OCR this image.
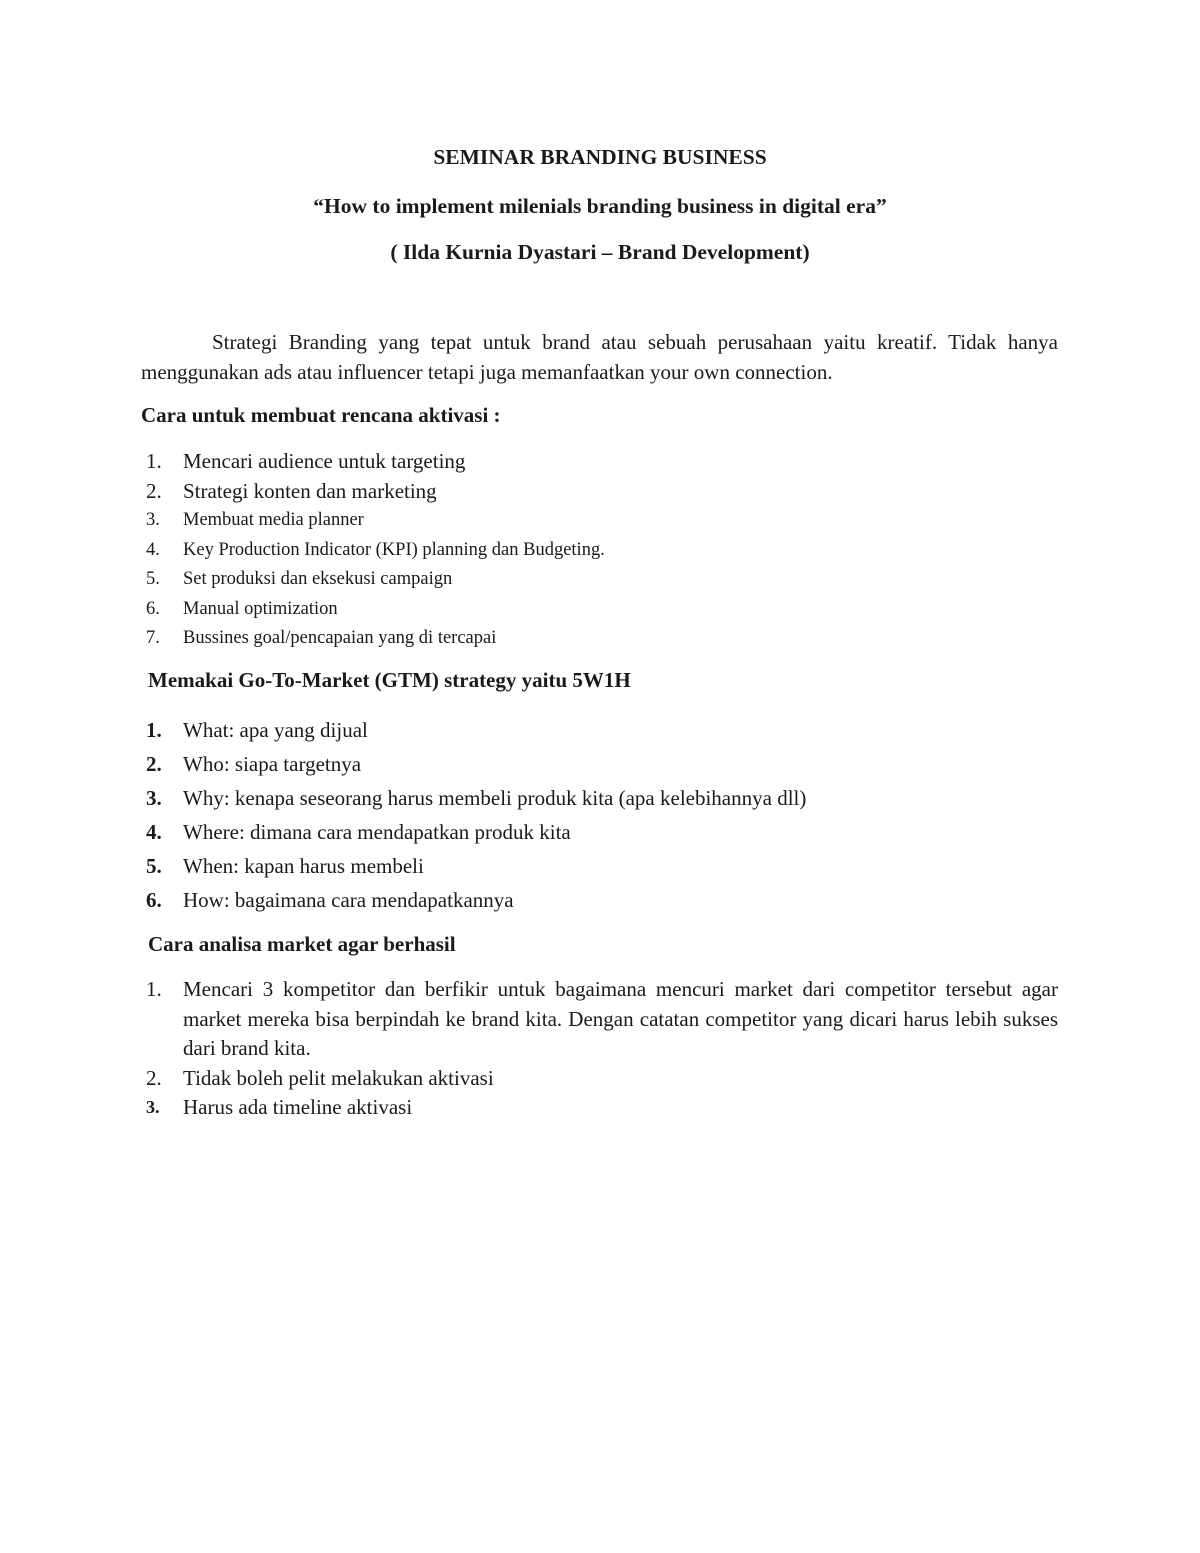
SEMINAR BRANDING BUSINESS
“How to implement milenials branding business in digital era”
( Ilda Kurnia Dyastari – Brand Development)

Strategi Branding yang tepat untuk brand atau sebuah perusahaan yaitu kreatif. Tidak hanya menggunakan ads atau influencer tetapi juga memanfaatkan your own connection.

Cara untuk membuat rencana aktivasi :
1. Mencari audience untuk targeting
2. Strategi konten dan marketing
3. Membuat media planner
4. Key Production Indicator (KPI) planning dan Budgeting.
5. Set produksi dan eksekusi campaign
6. Manual optimization
7. Bussines goal/pencapaian yang di tercapai
Memakai Go-To-Market (GTM) strategy yaitu 5W1H
1. What: apa yang dijual
2. Who: siapa targetnya
3. Why: kenapa seseorang harus membeli produk kita (apa kelebihannya dll)
4. Where: dimana cara mendapatkan produk kita
5. When: kapan harus membeli
6. How: bagaimana cara mendapatkannya
Cara analisa market agar berhasil
1. Mencari 3 kompetitor dan berfikir untuk bagaimana mencuri market dari competitor tersebut agar market mereka bisa berpindah ke brand kita. Dengan catatan competitor yang dicari harus lebih sukses dari brand kita.
2. Tidak boleh pelit melakukan aktivasi
3. Harus ada timeline aktivasi
